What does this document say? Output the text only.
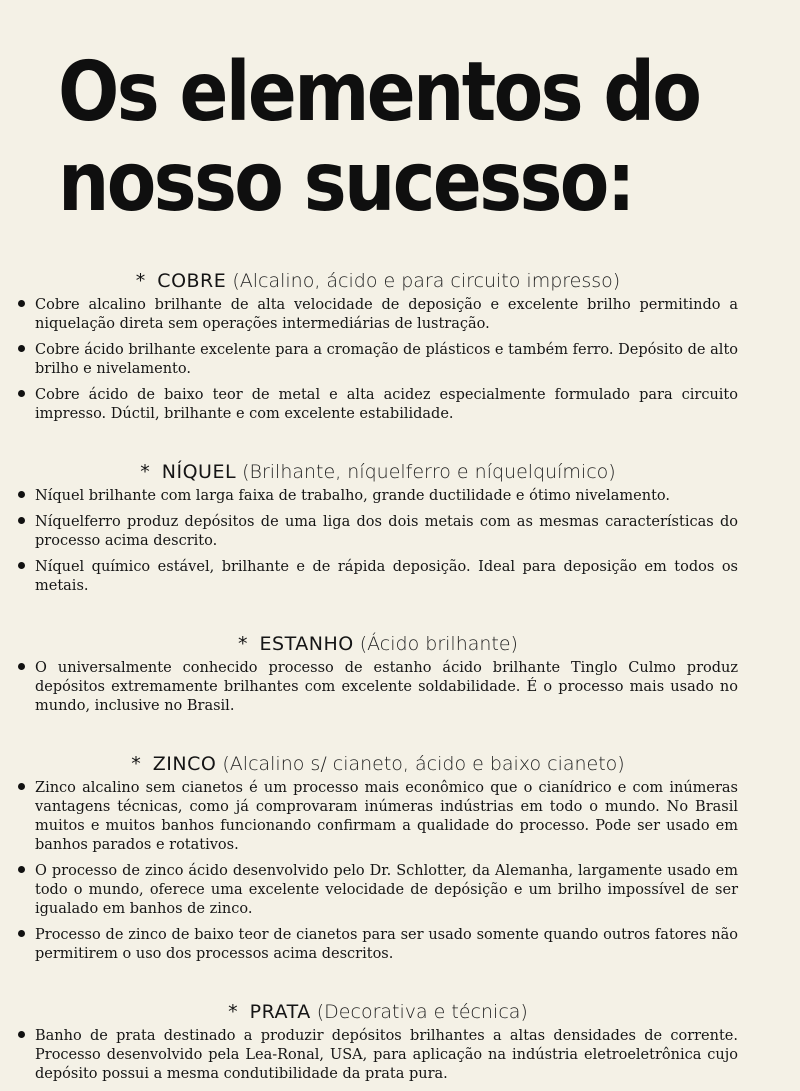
Os elementos do
nosso sucesso:
* COBRE (Alcalino, ácido e para circuito impresso)
Cobre alcalino brilhante de alta velocidade de deposição e excelente brilho permitindo a niquelação direta sem operações intermediárias de lustração.
Cobre ácido brilhante excelente para a cromação de plásticos e também ferro. Depósito de alto brilho e nivelamento.
Cobre ácido de baixo teor de metal e alta acidez especialmente formulado para circuito impresso. Dúctil, brilhante e com excelente estabilidade.
* NÍQUEL (Brilhante, níquelferro e níquelquímico)
Níquel brilhante com larga faixa de trabalho, grande ductilidade e ótimo nivelamento.
Níquelferro produz depósitos de uma liga dos dois metais com as mesmas características do processo acima descrito.
Níquel químico estável, brilhante e de rápida deposição. Ideal para deposição em todos os metais.
* ESTANHO (Ácido brilhante)
O universalmente conhecido processo de estanho ácido brilhante Tinglo Culmo produz depósitos extremamente brilhantes com excelente soldabilidade. É o processo mais usado no mundo, inclusive no Brasil.
* ZINCO (Alcalino s/ cianeto, ácido e baixo cianeto)
Zinco alcalino sem cianetos é um processo mais econômico que o cianídrico e com inúmeras vantagens técnicas, como já comprovaram inúmeras indústrias em todo o mundo. No Brasil muitos e muitos banhos funcionando confirmam a qualidade do processo. Pode ser usado em banhos parados e rotativos.
O processo de zinco ácido desenvolvido pelo Dr. Schlotter, da Alemanha, largamente usado em todo o mundo, oferece uma excelente velocidade de depósição e um brilho impossível de ser igualado em banhos de zinco.
Processo de zinco de baixo teor de cianetos para ser usado somente quando outros fatores não permitirem o uso dos processos acima descritos.
* PRATA (Decorativa e técnica)
Banho de prata destinado a produzir depósitos brilhantes a altas densidades de corrente. Processo desenvolvido pela Lea-Ronal, USA, para aplicação na indústria eletroeletrônica cujo depósito possui a mesma condutibilidade da prata pura.
